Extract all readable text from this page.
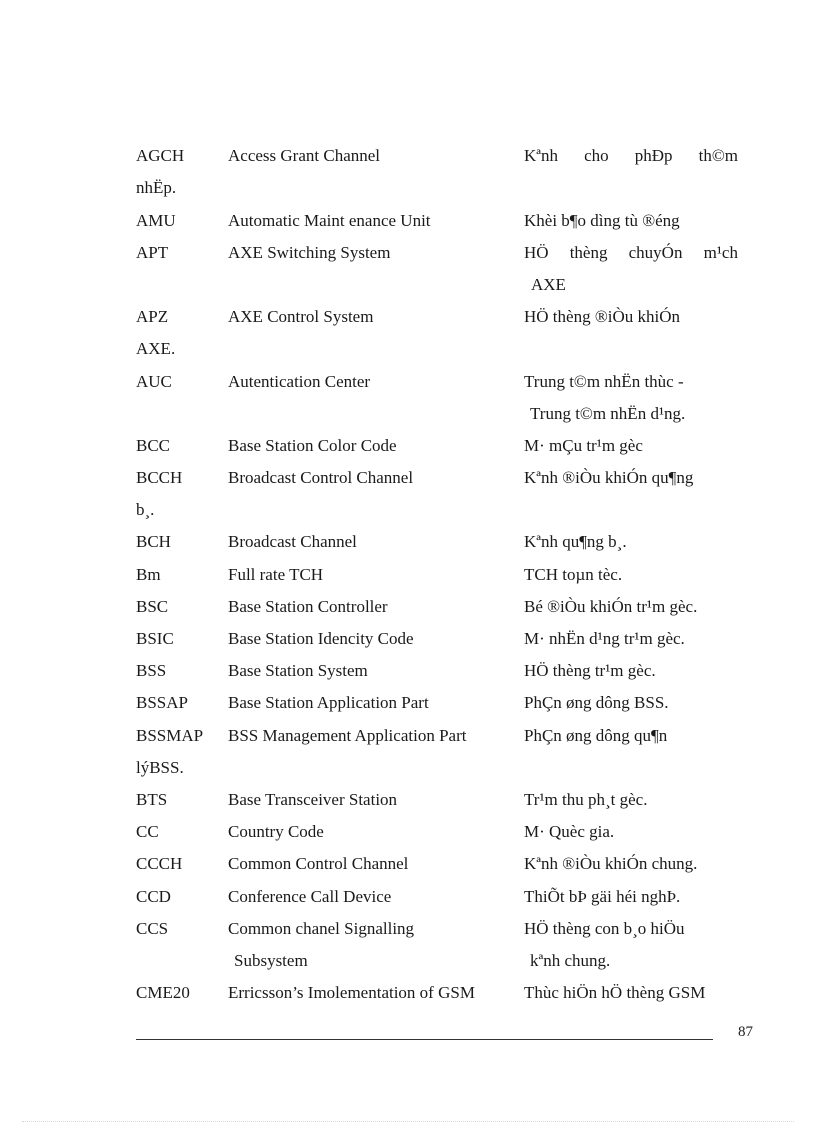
AGCH	Access Grant Channel	Kªnh cho phÐp th©m
nhËp.
AMU	Automatic Maint enance Unit	Khèi b¶o dìng tù ®éng
APT	AXE Switching System	HÖ thèng chuyÓn m¹ch
AXE
APZ	AXE Control System	HÖ thèng ®iÒu khiÓn
AXE.
AUC	Autentication Center	Trung t©m nhËn thùc -
Trung t©m nhËn d¹ng.
BCC	Base Station Color Code	M· mÇu tr¹m gèc
BCCH	Broadcast Control Channel	Kªnh ®iÒu khiÓn qu¶ng
b¸.
BCH	Broadcast Channel	Kªnh qu¶ng b¸.
Bm	Full rate TCH	TCH toµn tèc.
BSC	Base Station Controller	Bé ®iÒu khiÓn tr¹m gèc.
BSIC	Base Station Idencity Code	M· nhËn d¹ng tr¹m gèc.
BSS	Base Station System	HÖ thèng tr¹m gèc.
BSSAP Base Station Application Part	PhÇn øng dông BSS.
BSSMAP BSS Management Application Part	PhÇn øng dông qu¶n
lýBSS.
BTS	Base Transceiver Station	Tr¹m thu ph¸t gèc.
CC	Country Code	M· Quèc gia.
CCCH	Common Control Channel	Kªnh ®iÒu khiÓn chung.
CCD	Conference Call Device	ThiÕt bÞ gäi héi nghÞ.
CCS	Common chanel Signalling	HÖ thèng con b¸o hiÖu
Subsystem	kªnh chung.
CME20 Erricsson’s Imolementation of GSM	Thùc hiÖn hÖ thèng GSM
87
